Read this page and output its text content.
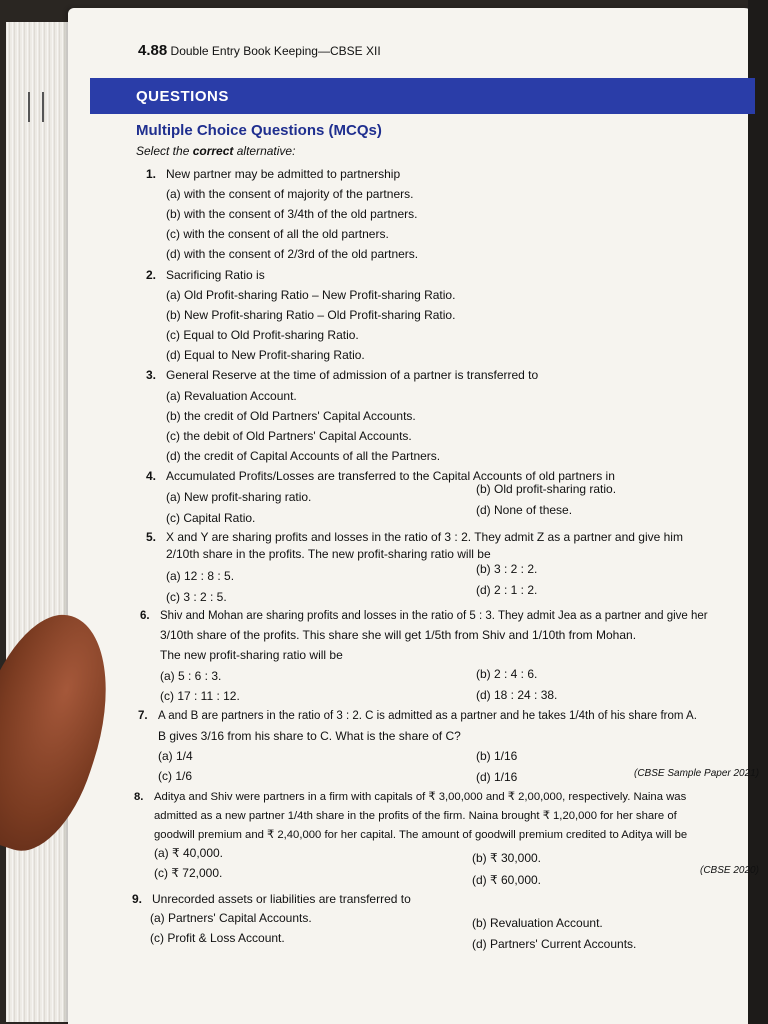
4.88 Double Entry Book Keeping—CBSE XII
QUESTIONS
Multiple Choice Questions (MCQs)
Select the correct alternative:
1. New partner may be admitted to partnership
(a) with the consent of majority of the partners.
(b) with the consent of 3/4th of the old partners.
(c) with the consent of all the old partners.
(d) with the consent of 2/3rd of the old partners.
2. Sacrificing Ratio is
(a) Old Profit-sharing Ratio – New Profit-sharing Ratio.
(b) New Profit-sharing Ratio – Old Profit-sharing Ratio.
(c) Equal to Old Profit-sharing Ratio.
(d) Equal to New Profit-sharing Ratio.
3. General Reserve at the time of admission of a partner is transferred to
(a) Revaluation Account.
(b) the credit of Old Partners' Capital Accounts.
(c) the debit of Old Partners' Capital Accounts.
(d) the credit of Capital Accounts of all the Partners.
4. Accumulated Profits/Losses are transferred to the Capital Accounts of old partners in
(a) New profit-sharing ratio.
(b) Old profit-sharing ratio.
(c) Capital Ratio.
(d) None of these.
5. X and Y are sharing profits and losses in the ratio of 3 : 2. They admit Z as a partner and give him
2/10th share in the profits. The new profit-sharing ratio will be
(a) 12 : 8 : 5.	(b) 3 : 2 : 2.
(c) 3 : 2 : 5.	(d) 2 : 1 : 2.
6. Shiv and Mohan are sharing profits and losses in the ratio of 5 : 3. They admit Jea as a partner and give her
3/10th share of the profits. This share she will get 1/5th from Shiv and 1/10th from Mohan.
The new profit-sharing ratio will be
(a) 5 : 6 : 3.	(b) 2 : 4 : 6.
(c) 17 : 11 : 12.	(d) 18 : 24 : 38.
7. A and B are partners in the ratio of 3 : 2. C is admitted as a partner and he takes 1/4th of his share from A.
B gives 3/16 from his share to C. What is the share of C?
(a) 1/4	(b) 1/16
(c) 1/6	(d) 1/16	(CBSE Sample Paper 2021)
8. Aditya and Shiv were partners in a firm with capitals of ₹ 3,00,000 and ₹ 2,00,000, respectively. Naina was
admitted as a new partner 1/4th share in the profits of the firm. Naina brought ₹ 1,20,000 for her share of
goodwill premium and ₹ 2,40,000 for her capital. The amount of goodwill premium credited to Aditya will be
(a) ₹ 40,000.	(b) ₹ 30,000.
(c) ₹ 72,000.	(d) ₹ 60,000.
(CBSE 2020)
9. Unrecorded assets or liabilities are transferred to
(a) Partners' Capital Accounts.	(b) Revaluation Account.
(c) Profit & Loss Account.	(d) Partners' Current Accounts.
